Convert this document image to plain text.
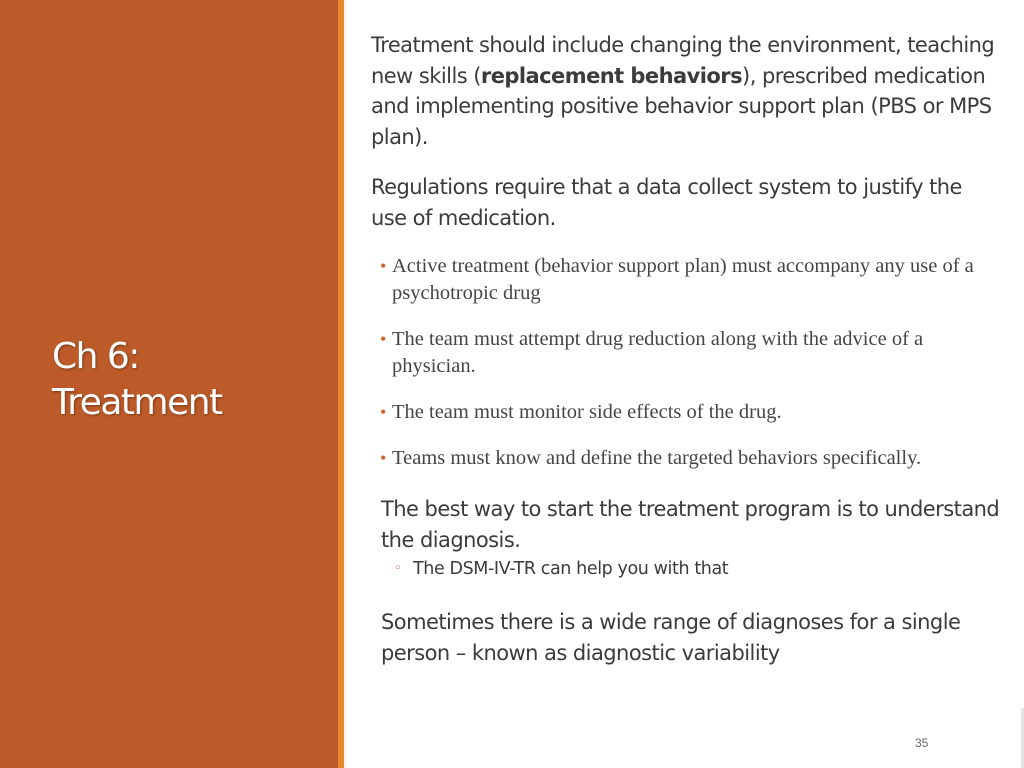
Ch 6:
Treatment

Treatment should include changing the environment, teaching new skills (replacement behaviors), prescribed medication and implementing positive behavior support plan (PBS or MPS plan).

Regulations require that a data collect system to justify the use of medication.

• Active treatment (behavior support plan) must accompany any use of a psychotropic drug
• The team must attempt drug reduction along with the advice of a physician.
• The team must monitor side effects of the drug.
• Teams must know and define the targeted behaviors specifically.

The best way to start the treatment program is to understand the diagnosis.

◦ The DSM-IV-TR can help you with that

Sometimes there is a wide range of diagnoses for a single person – known as diagnostic variability

35
